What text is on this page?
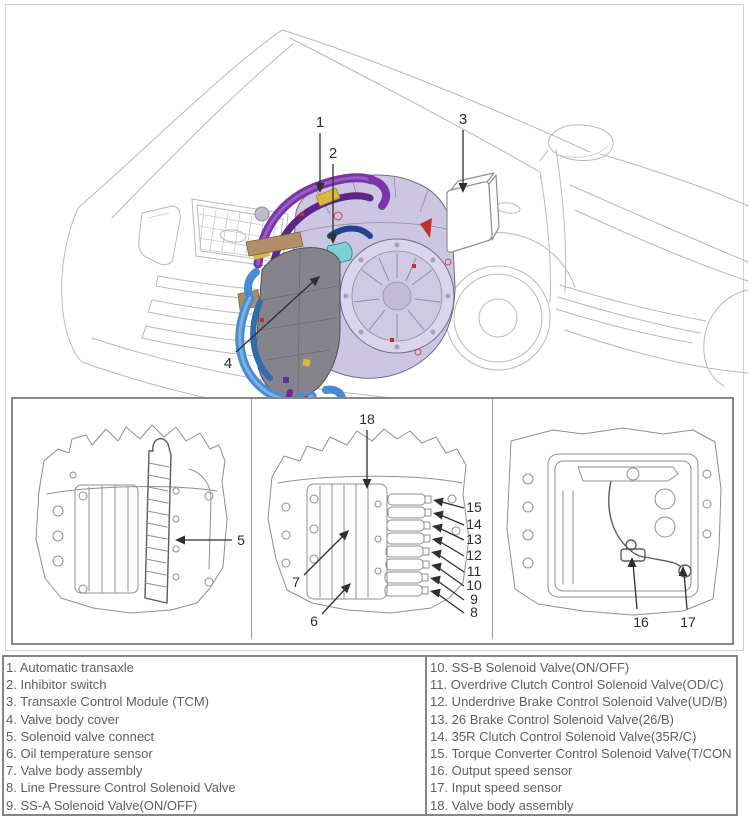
1
2
3
4
5
18
15
14
13
12
11
10
9
8
7
6	16 17
1. Automatic transaxle
2. Inhibitor switch
3. Transaxle Control Module (TCM)
4. Valve body cover
5. Solenoid valve connect
6. Oil temperature sensor
7. Valve body assembly
8. Line Pressure Control Solenoid Valve
9. SS-A Solenoid Valve(ON/OFF)
10. SS-B Solenoid Valve(ON/OFF)
11. Overdrive Clutch Control Solenoid Valve(OD/C)
12. Underdrive Brake Control Solenoid Valve(UD/B)
13. 26 Brake Control Solenoid Valve(26/B)
14. 35R Clutch Control Solenoid Valve(35R/C)
15. Torque Converter Control Solenoid Valve(T/CON
16. Output speed sensor
17. Input speed sensor
18. Valve body assembly
